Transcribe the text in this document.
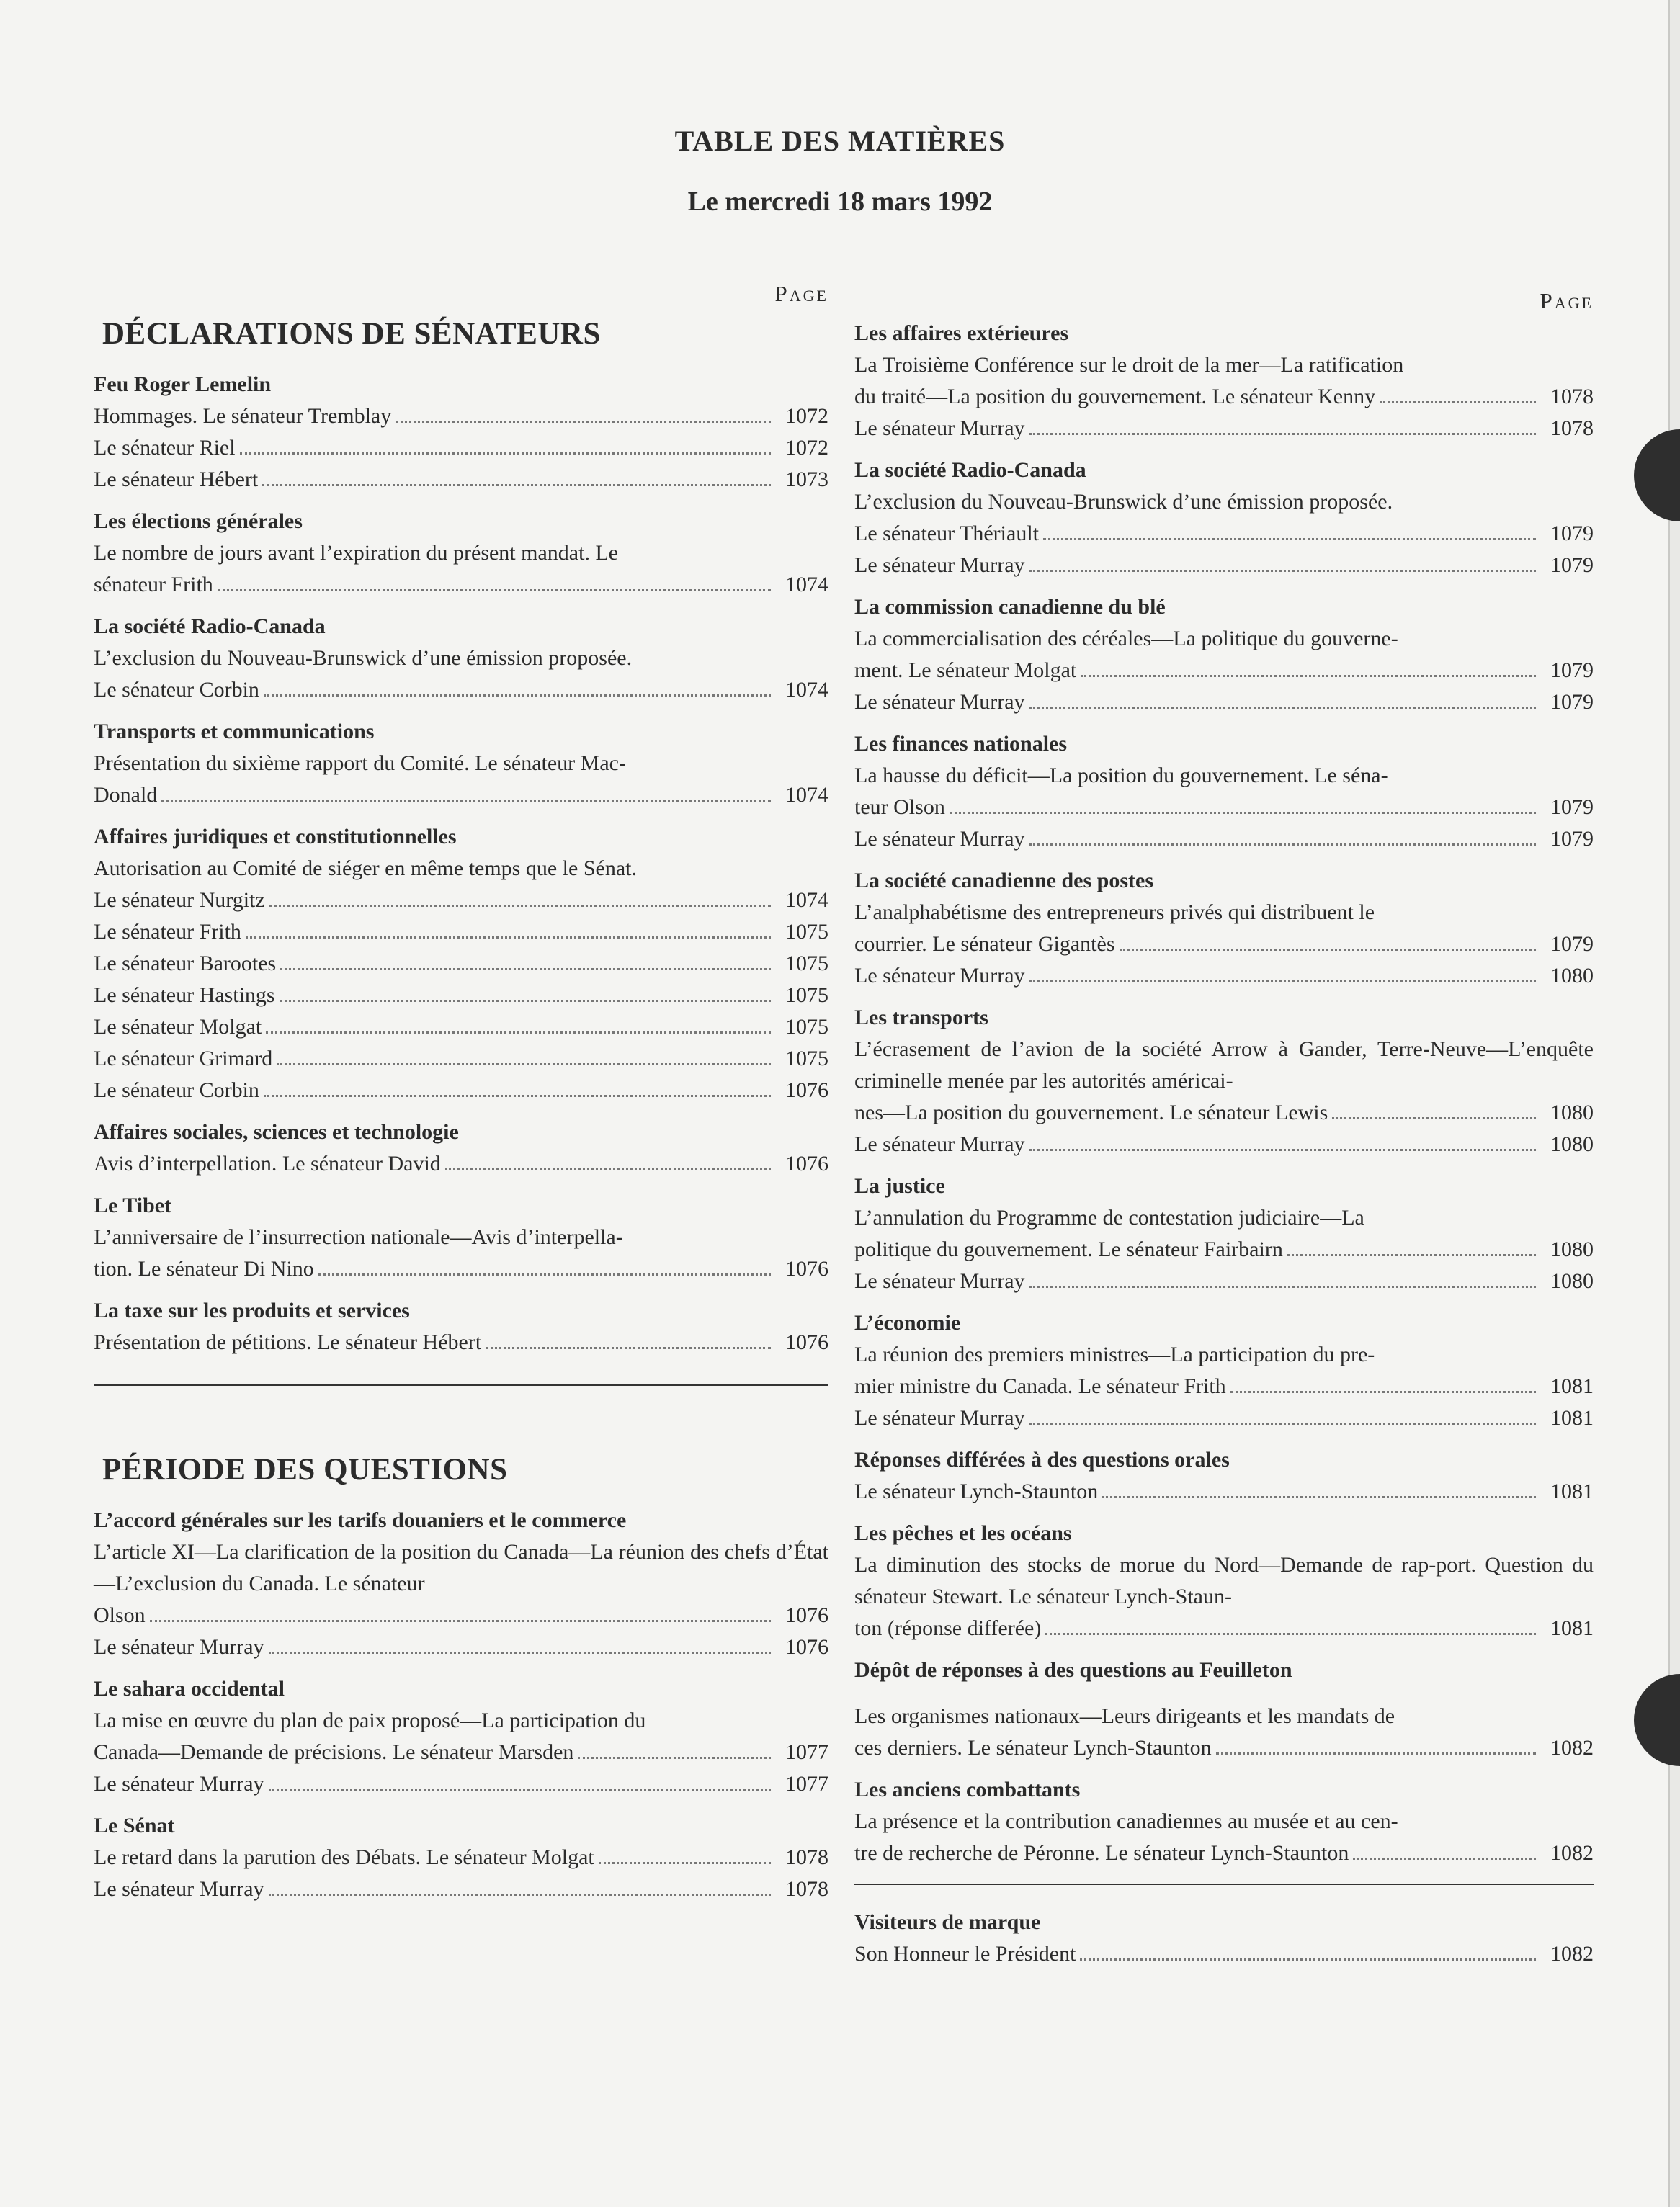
TABLE DES MATIÈRES
Le mercredi 18 mars 1992
Page
DÉCLARATIONS DE SÉNATEURS
Feu Roger Lemelin
Hommages. Le sénateur Tremblay	1072
Le sénateur Riel	1072
Le sénateur Hébert	1073
Les élections générales
Le nombre de jours avant l’expiration du présent mandat. Le
sénateur Frith	1074
La société Radio-Canada
L’exclusion du Nouveau-Brunswick d’une émission proposée.
Le sénateur Corbin	1074
Transports et communications
Présentation du sixième rapport du Comité. Le sénateur Mac-
Donald	1074
Affaires juridiques et constitutionnelles
Autorisation au Comité de siéger en même temps que le Sénat.
Le sénateur Nurgitz	1074
Le sénateur Frith	1075
Le sénateur Barootes	1075
Le sénateur Hastings	1075
Le sénateur Molgat	1075
Le sénateur Grimard	1075
Le sénateur Corbin	1076
Affaires sociales, sciences et technologie
Avis d’interpellation. Le sénateur David	1076
Le Tibet
L’anniversaire de l’insurrection nationale—Avis d’interpella-
tion. Le sénateur Di Nino	1076
La taxe sur les produits et services
Présentation de pétitions. Le sénateur Hébert	1076
PÉRIODE DES QUESTIONS
L’accord générales sur les tarifs douaniers et le commerce
L’article XI—La clarification de la position du Canada—La réunion des chefs d’État—L’exclusion du Canada. Le sénateur
Olson	1076
Le sénateur Murray	1076
Le sahara occidental
La mise en œuvre du plan de paix proposé—La participation du
Canada—Demande de précisions. Le sénateur Marsden	1077
Le sénateur Murray	1077
Le Sénat
Le retard dans la parution des Débats. Le sénateur Molgat	1078
Le sénateur Murray	1078
Page
Les affaires extérieures
La Troisième Conférence sur le droit de la mer—La ratification
du traité—La position du gouvernement. Le sénateur Kenny	1078
Le sénateur Murray	1078
La société Radio-Canada
L’exclusion du Nouveau-Brunswick d’une émission proposée.
Le sénateur Thériault	1079
Le sénateur Murray	1079
La commission canadienne du blé
La commercialisation des céréales—La politique du gouverne-
ment. Le sénateur Molgat	1079
Le sénateur Murray	1079
Les finances nationales
La hausse du déficit—La position du gouvernement. Le séna-
teur Olson	1079
Le sénateur Murray	1079
La société canadienne des postes
L’analphabétisme des entrepreneurs privés qui distribuent le
courrier. Le sénateur Gigantès	1079
Le sénateur Murray	1080
Les transports
L’écrasement de l’avion de la société Arrow à Gander, Terre-Neuve—L’enquête criminelle menée par les autorités américai-
nes—La position du gouvernement. Le sénateur Lewis	1080
Le sénateur Murray	1080
La justice
L’annulation du Programme de contestation judiciaire—La
politique du gouvernement. Le sénateur Fairbairn	1080
Le sénateur Murray	1080
L’économie
La réunion des premiers ministres—La participation du pre-
mier ministre du Canada. Le sénateur Frith	1081
Le sénateur Murray	1081
Réponses différées à des questions orales
Le sénateur Lynch-Staunton	1081
Les pêches et les océans
La diminution des stocks de morue du Nord—Demande de rap-port. Question du sénateur Stewart. Le sénateur Lynch-Staun-
ton (réponse differée)	1081
Dépôt de réponses à des questions au Feuilleton
Les organismes nationaux—Leurs dirigeants et les mandats de
ces derniers. Le sénateur Lynch-Staunton	1082
Les anciens combattants
La présence et la contribution canadiennes au musée et au cen-
tre de recherche de Péronne. Le sénateur Lynch-Staunton	1082
Visiteurs de marque
Son Honneur le Président	1082
